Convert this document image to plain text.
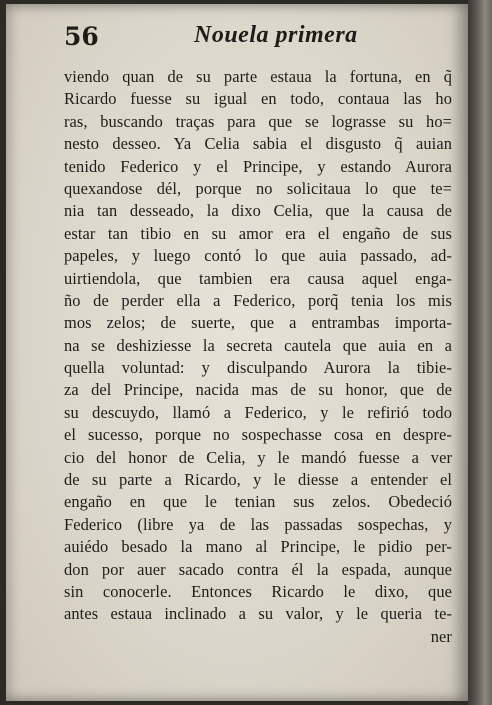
56	Nouela primera
viendo quan de su parte estaua la fortuna, en q̃
Ricardo fuesse su igual en todo, contaua las ho
ras, buscando traças para que se lograsse su ho=
nesto desseo. Ya Celia sabia el disgusto q̃ auian
tenido Federico y el Principe, y estando Aurora
quexandose dél, porque no solicitaua lo que te=
nia tan desseado, la dixo Celia, que la causa de
estar tan tibio en su amor era el engaño de sus
papeles, y luego contó lo que auia passado, ad-
uirtiendola, que tambien era causa aquel enga-
ño de perder ella a Federico, porq̃ tenia los mis
mos zelos; de suerte, que a entrambas importa-
na se deshiziesse la secreta cautela que auia en a
quella voluntad: y disculpando Aurora la tibie-
za del Principe, nacida mas de su honor, que de
su descuydo, llamó a Federico, y le refirió todo
el sucesso, porque no sospechasse cosa en despre-
cio del honor de Celia, y le mandó fuesse a ver
de su parte a Ricardo, y le diesse a entender el
engaño en que le tenian sus zelos. Obedeció
Federico (libre ya de las passadas sospechas, y
auiédo besado la mano al Principe, le pidio per-
don por auer sacado contra él la espada, aunque
sin conocerle. Entonces Ricardo le dixo, que
antes estaua inclinado a su valor, y le queria te-
ner
